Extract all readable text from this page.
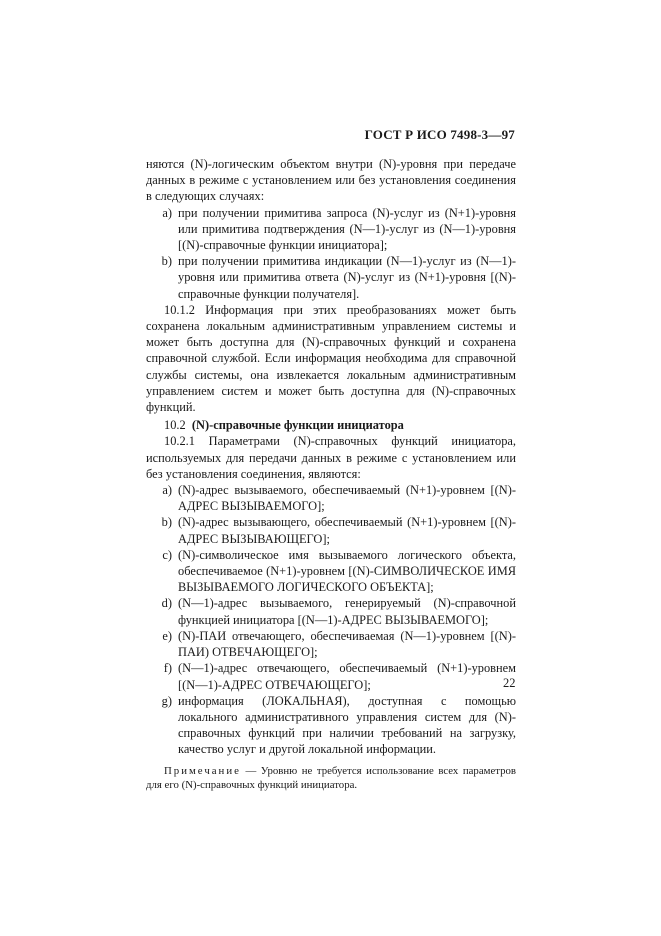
ГОСТ Р ИСО 7498-3—97

няются (N)-логическим объектом внутри (N)-уровня при передаче данных в режиме с установлением или без установления соединения в следующих случаях:

a) при получении примитива запроса (N)-услуг из (N+1)-уровня или примитива подтверждения (N—1)-услуг из (N—1)-уровня [(N)-справочные функции инициатора];
b) при получении примитива индикации (N—1)-услуг из (N—1)-уровня или примитива ответа (N)-услуг из (N+1)-уровня [(N)-справочные функции получателя].

10.1.2 Информация при этих преобразованиях может быть сохранена локальным административным управлением системы и может быть доступна для (N)-справочных функций и сохранена справочной службой. Если информация необходима для справочной службы системы, она извлекается локальным административным управлением систем и может быть доступна для (N)-справочных функций.

10.2 (N)-справочные функции инициатора

10.2.1 Параметрами (N)-справочных функций инициатора, используемых для передачи данных в режиме с установлением или без установления соединения, являются:

a) (N)-адрес вызываемого, обеспечиваемый (N+1)-уровнем [(N)-АДРЕС ВЫЗЫВАЕМОГО];
b) (N)-адрес вызывающего, обеспечиваемый (N+1)-уровнем [(N)-АДРЕС ВЫЗЫВАЮЩЕГО];
c) (N)-символическое имя вызываемого логического объекта, обеспечиваемое (N+1)-уровнем [(N)-СИМВОЛИЧЕСКОЕ ИМЯ ВЫЗЫВАЕМОГО ЛОГИЧЕСКОГО ОБЪЕКТА];
d) (N—1)-адрес вызываемого, генерируемый (N)-справочной функцией инициатора [(N—1)-АДРЕС ВЫЗЫВАЕМОГО];
e) (N)-ПАИ отвечающего, обеспечиваемая (N—1)-уровнем [(N)-ПАИ) ОТВЕЧАЮЩЕГО];
f) (N—1)-адрес отвечающего, обеспечиваемый (N+1)-уровнем [(N—1)-АДРЕС ОТВЕЧАЮЩЕГО];
g) информация (ЛОКАЛЬНАЯ), доступная с помощью локального административного управления систем для (N)-справочных функций при наличии требований на загрузку, качество услуг и другой локальной информации.

Примечание — Уровню не требуется использование всех параметров для его (N)-справочных функций инициатора.

22
